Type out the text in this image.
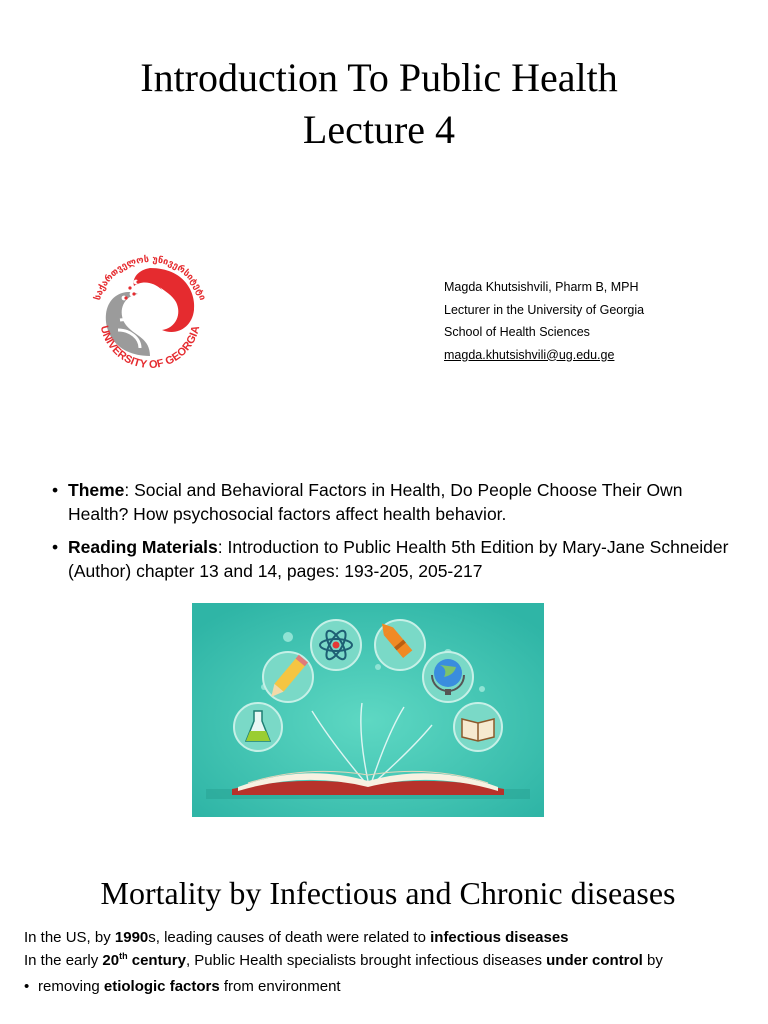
Introduction To Public Health
Lecture 4
საქართველოს უნივერსიტეტი
UNIVERSITY OF GEORGIA
Magda Khutsishvili, Pharm B, MPH
Lecturer in the University of Georgia
School of Health Sciences
magda.khutsishvili@ug.edu.ge
• Theme: Social and Behavioral Factors in Health, Do People Choose Their Own Health? How psychosocial factors affect health behavior.
• Reading Materials: Introduction to Public Health 5th Edition by Mary-Jane Schneider (Author) chapter 13 and 14, pages: 193-205, 205-217
Mortality by Infectious and Chronic diseases

In the US, by 1990s, leading causes of death were related to infectious diseases

In the early 20th century, Public Health specialists brought infectious diseases under control by

• removing etiologic factors from environment
